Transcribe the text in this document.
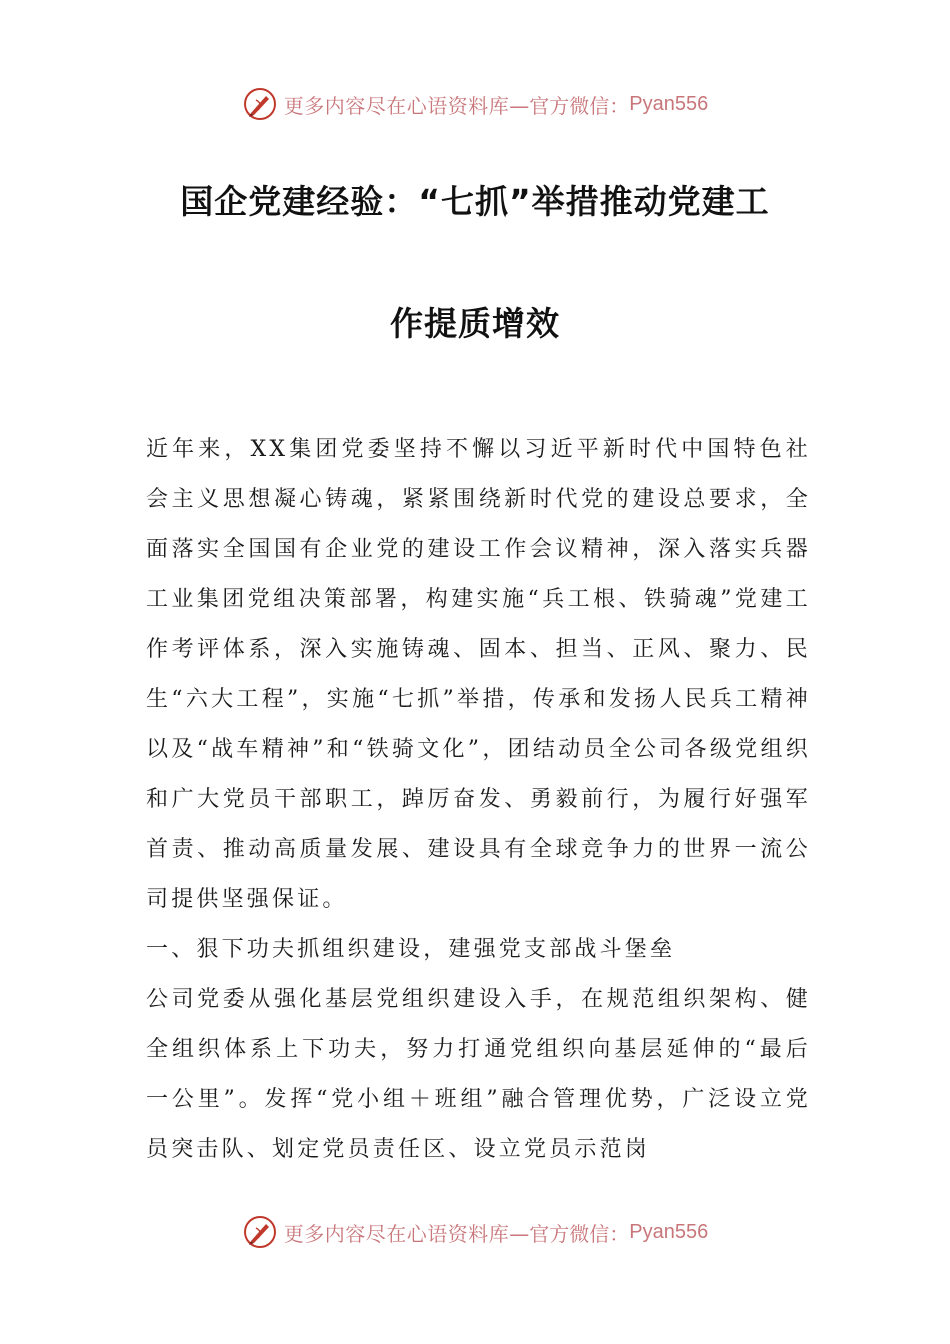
更多内容尽在心语资料库 —官方微信： Pyan556
国企党建经验：“七抓”举措推动党建工
作提质增效

近年来，XX集团党委坚持不懈以习近平新时代中国特色社会主义思想凝心铸魂，紧紧围绕新时代党的建设总要求，全面落实全国国有企业党的建设工作会议精神，深入落实兵器工业集团党组决策部署，构建实施“兵工根、铁骑魂”党建工作考评体系，深入实施铸魂、固本、担当、正风、聚力、民生“六大工程”，实施“七抓”举措，传承和发扬人民兵工精神以及“战车精神”和“铁骑文化”，团结动员全公司各级党组织和广大党员干部职工，踔厉奋发、勇毅前行，为履行好强军首责、推动高质量发展、建设具有全球竞争力的世界一流公司提供坚强保证。

一、狠下功夫抓组织建设，建强党支部战斗堡垒

公司党委从强化基层党组织建设入手，在规范组织架构、健全组织体系上下功夫，努力打通党组织向基层延伸的“最后一公里”。发挥“党小组＋班组”融合管理优势，广泛设立党员突击队、划定党员责任区、设立党员示范岗

更多内容尽在心语资料库 —官方微信： Pyan556
